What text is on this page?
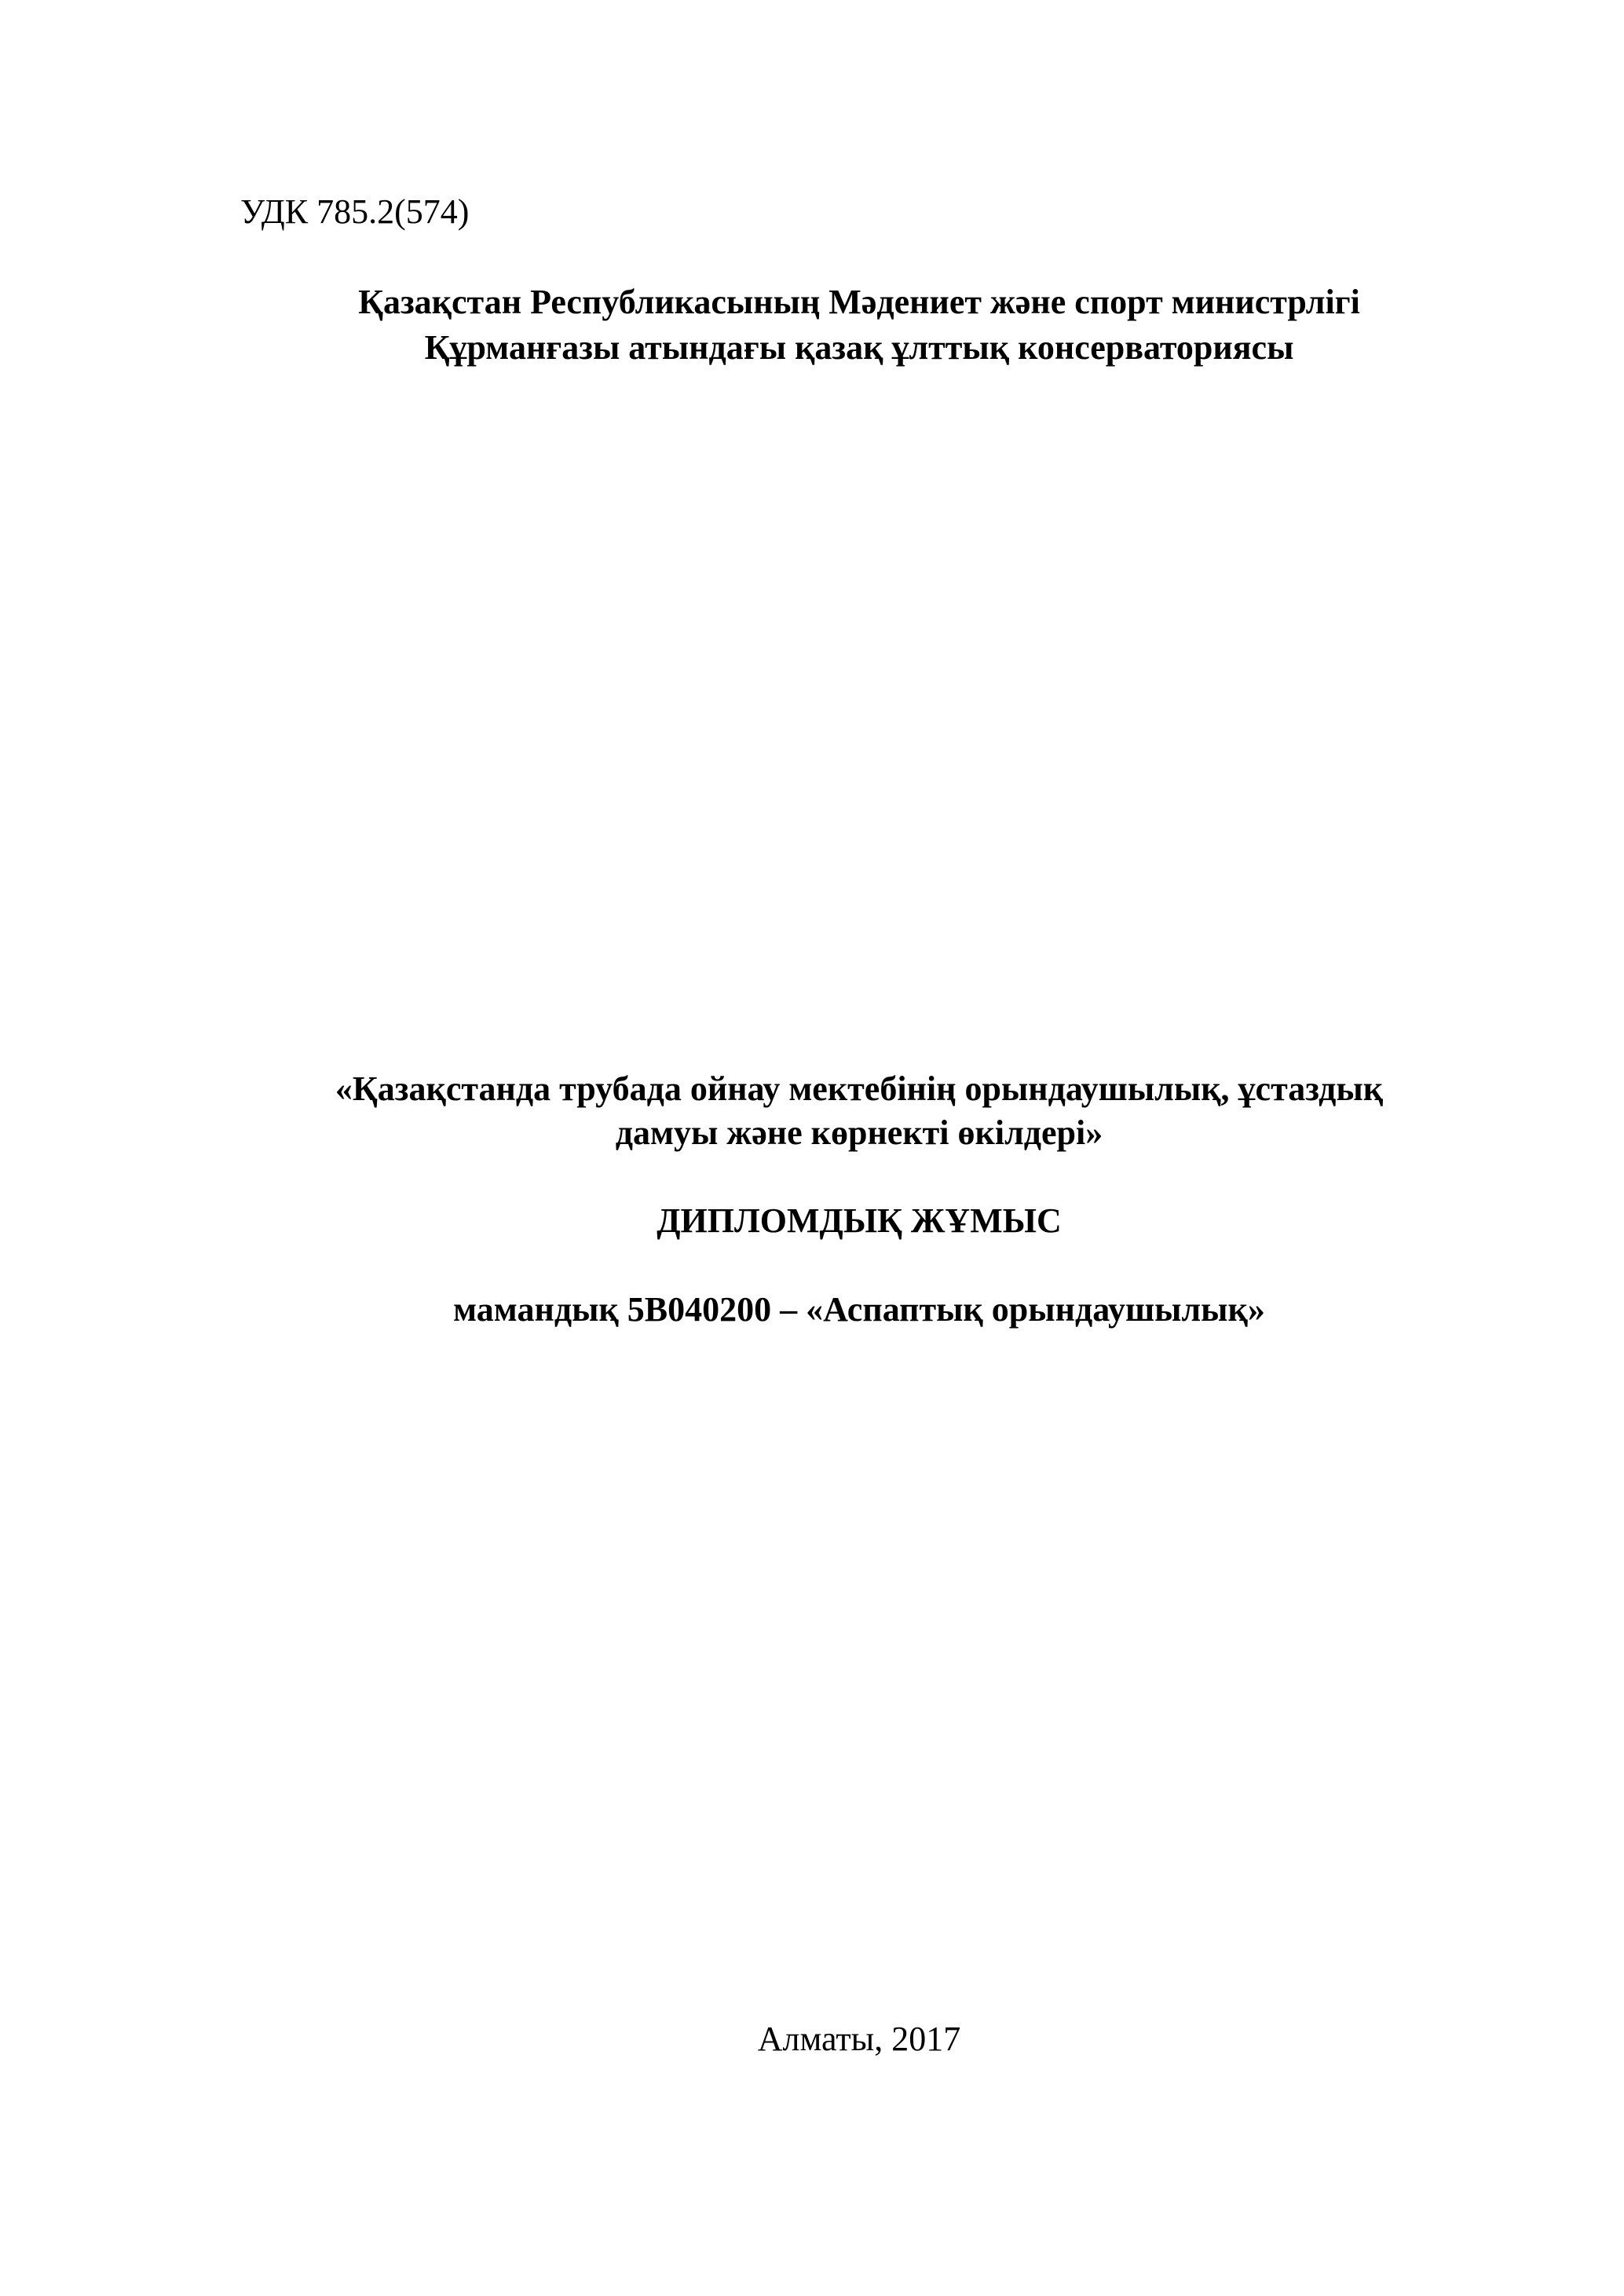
УДК 785.2(574)

Қазақстан Республикасының Мәдениет және спорт министрлігі

Құрманғазы атындағы қазақ ұлттық консерваториясы

«Қазақстанда трубада ойнау мектебінің орындаушылық, ұстаздық

дамуы және көрнекті өкілдері»

ДИПЛОМДЫҚ ЖҰМЫС

мамандық 5В040200 – «Аспаптық орындаушылық»

Алматы, 2017
